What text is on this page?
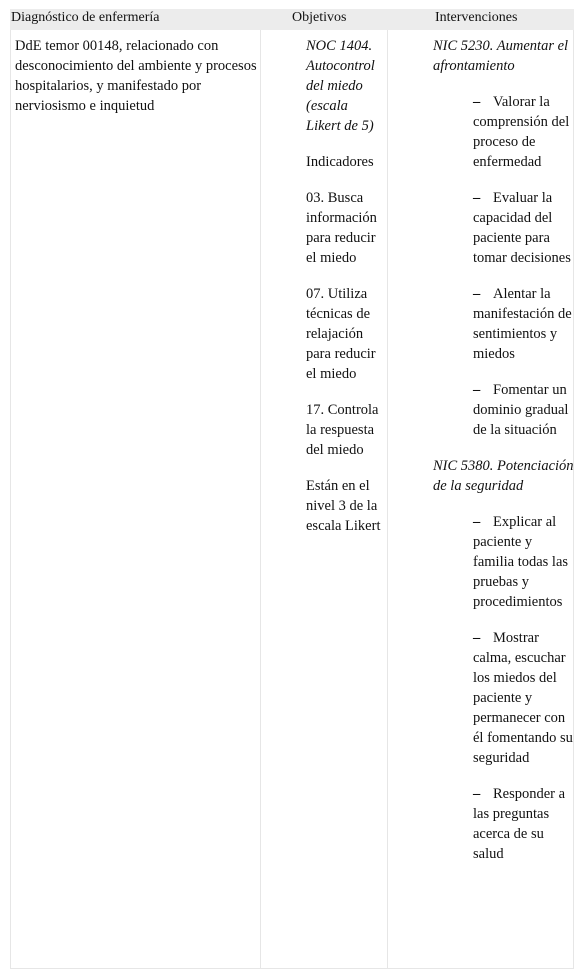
Diagnóstico de enfermería	Objetivos	Intervenciones
DdE temor 00148, relacionado con desconocimiento del ambiente y procesos hospitalarios, y manifestado por nerviosismo e inquietud

NOC 1404. Autocontrol del miedo (escala Likert de 5)

Indicadores

03. Busca información para reducir el miedo

07. Utiliza técnicas de relajación para reducir el miedo

17. Controla la respuesta del miedo

Están en el nivel 3 de la escala Likert

NIC 5230. Aumentar el afrontamiento

– Valorar la comprensión del proceso de enfermedad
– Evaluar la capacidad del paciente para tomar decisiones
– Alentar la manifestación de sentimientos y miedos
– Fomentar un dominio gradual de la situación

NIC 5380. Potenciación de la seguridad

– Explicar al paciente y familia todas las pruebas y procedimientos
– Mostrar calma, escuchar los miedos del paciente y permanecer con él fomentando su seguridad
– Responder a las preguntas acerca de su salud
